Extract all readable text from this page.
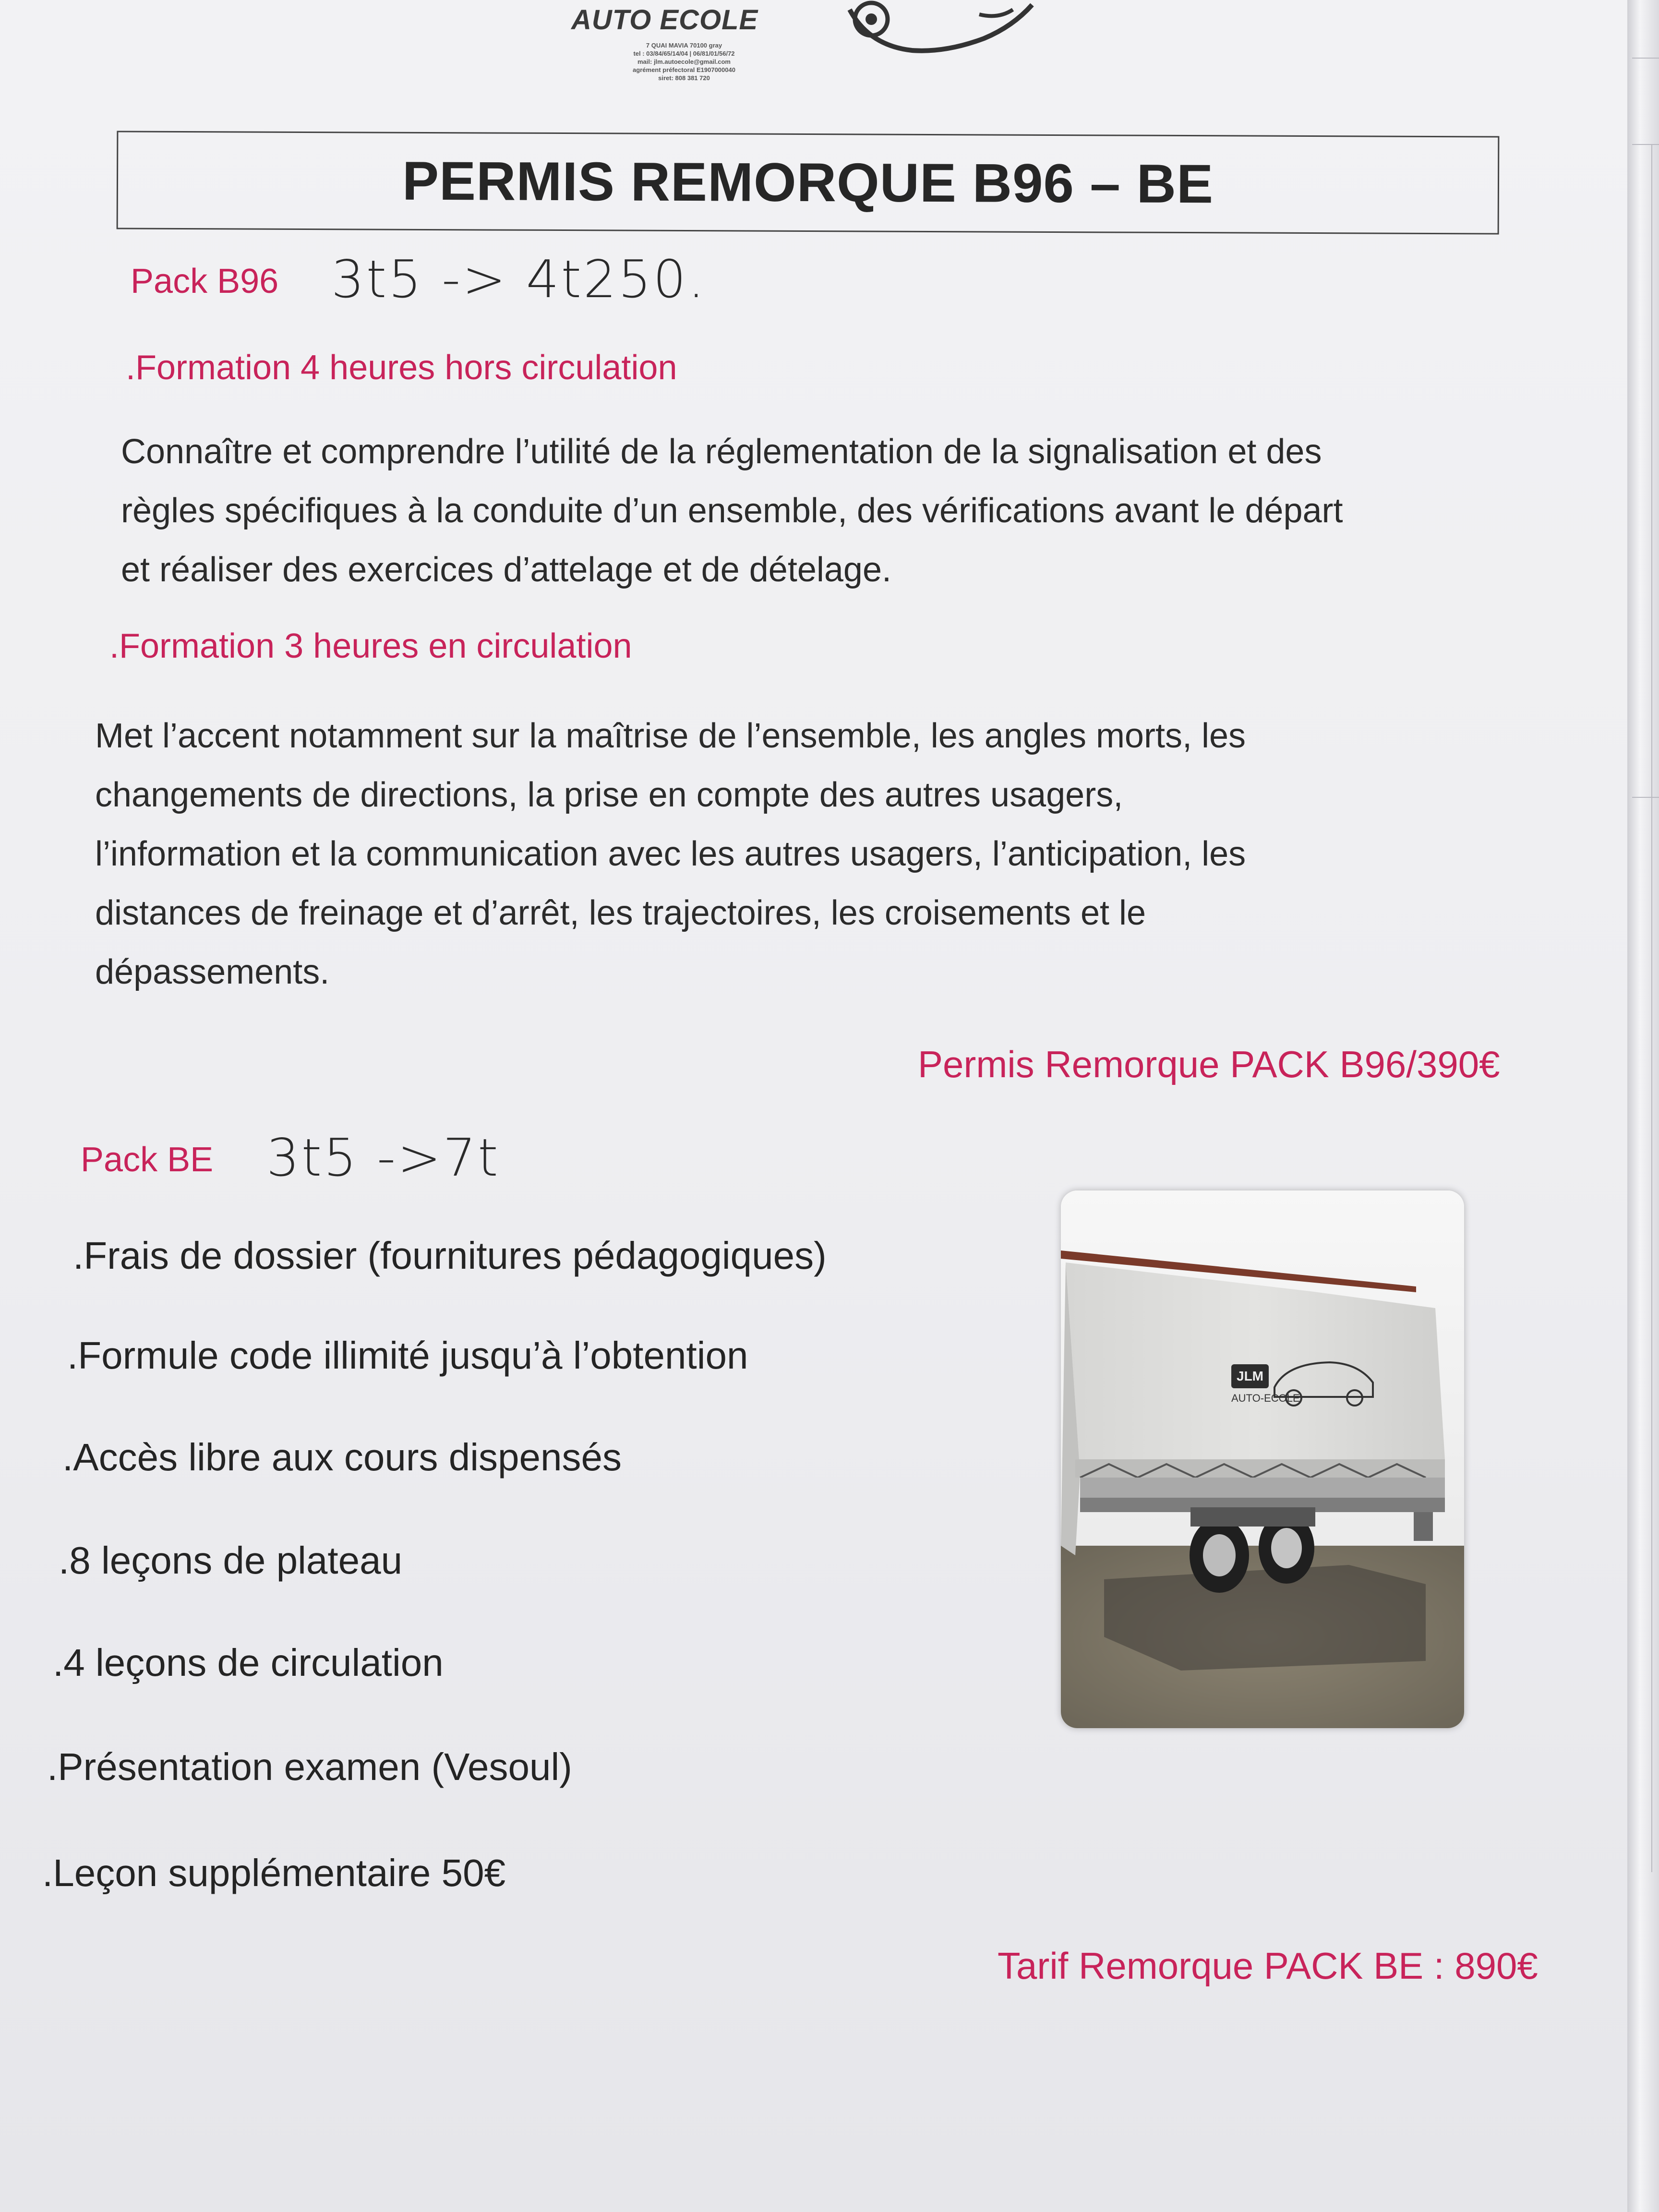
AUTO ECOLE
7 QUAI MAVIA 70100 gray
tel : 03/84/65/14/04 | 06/81/01/56/72
mail: jlm.autoecole@gmail.com
agrément préfectoral E1907000040
siret: 808 381 720
PERMIS REMORQUE B96 – BE
Pack B96 3t5 -> 4t250.
.Formation 4 heures hors circulation
Connaître et comprendre l’utilité de la réglementation de la signalisation et des
règles spécifiques à la conduite d’un ensemble, des vérifications avant le départ
et réaliser des exercices d’attelage et de dételage.
.Formation 3 heures en circulation
Met l’accent notamment sur la maîtrise de l’ensemble, les angles morts, les
changements de directions, la prise en compte des autres usagers,
l’information et la communication avec les autres usagers, l’anticipation, les
distances de freinage et d’arrêt, les trajectoires, les croisements et le
dépassements.
Permis Remorque PACK B96/390€
Pack BE 3t5 ->7t
.Frais de dossier (fournitures pédagogiques)
.Formule code illimité jusqu’à l’obtention
.Accès libre aux cours dispensés
.8 leçons de plateau
.4 leçons de circulation
.Présentation examen (Vesoul)
.Leçon supplémentaire 50€
Tarif Remorque PACK BE : 890€
JLM
AUTO-ECOLE
